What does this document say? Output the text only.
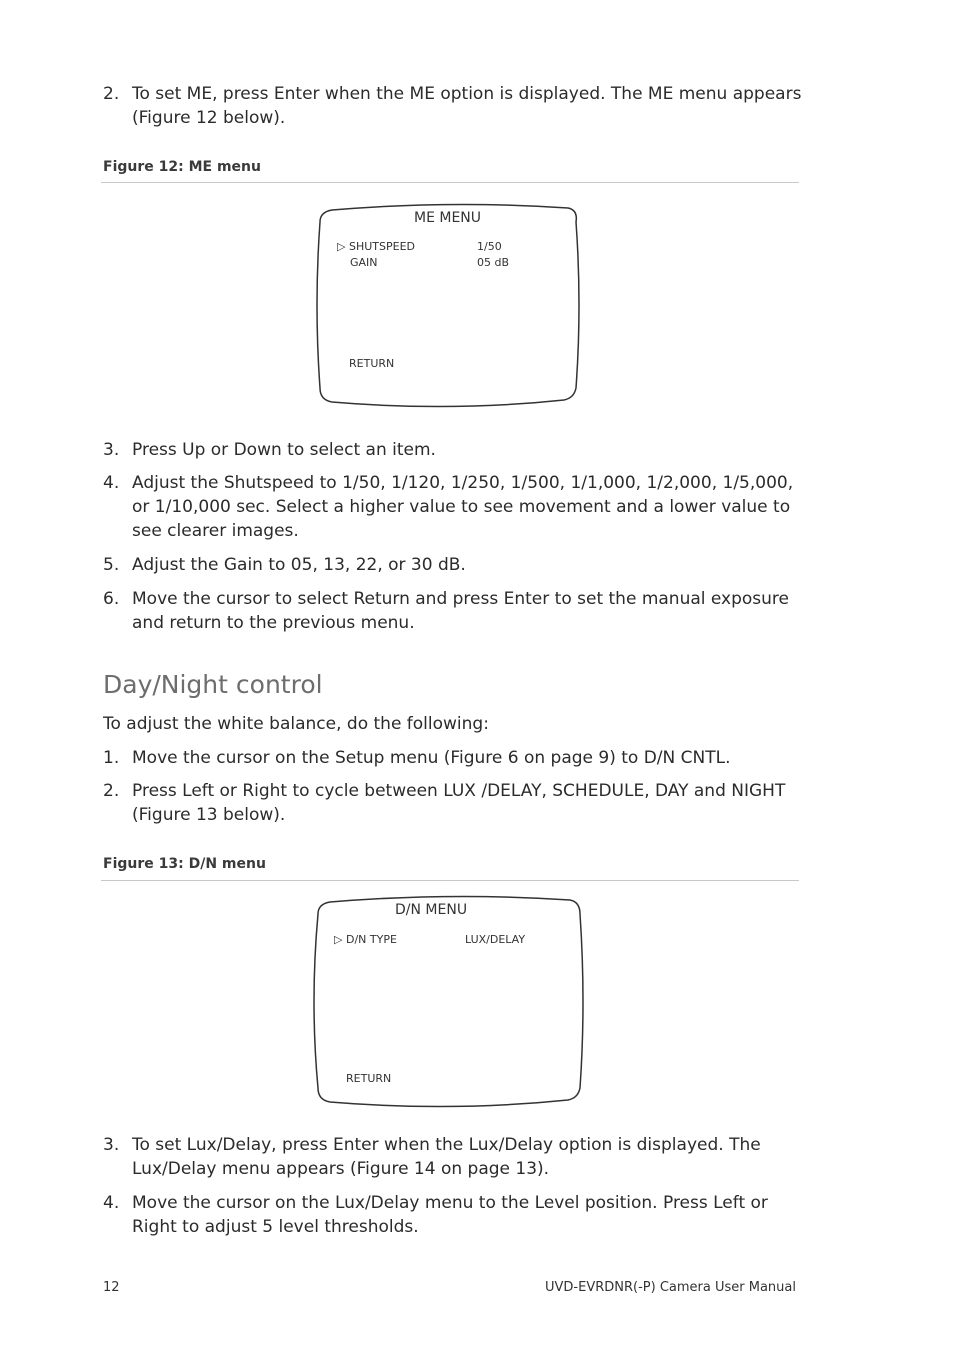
2. To set ME, press Enter when the ME option is displayed. The ME menu appears (Figure 12 below).
Figure 12: ME menu
ME MENU
▷ SHUTSPEED	1/50
GAIN	05 dB
RETURN
3. Press Up or Down to select an item.
4. Adjust the Shutspeed to 1/50, 1/120, 1/250, 1/500, 1/1,000, 1/2,000, 1/5,000, or 1/10,000 sec. Select a higher value to see movement and a lower value to see clearer images.
5. Adjust the Gain to 05, 13, 22, or 30 dB.
6. Move the cursor to select Return and press Enter to set the manual exposure and return to the previous menu.
Day/Night control
To adjust the white balance, do the following:
1. Move the cursor on the Setup menu (Figure 6 on page 9) to D/N CNTL.
2. Press Left or Right to cycle between LUX /DELAY, SCHEDULE, DAY and NIGHT (Figure 13 below).
Figure 13: D/N menu
D/N MENU
▷ D/N TYPE	LUX/DELAY
RETURN
3. To set Lux/Delay, press Enter when the Lux/Delay option is displayed. The Lux/Delay menu appears (Figure 14 on page 13).
4. Move the cursor on the Lux/Delay menu to the Level position. Press Left or Right to adjust 5 level thresholds.
12	UVD-EVRDNR(-P) Camera User Manual
